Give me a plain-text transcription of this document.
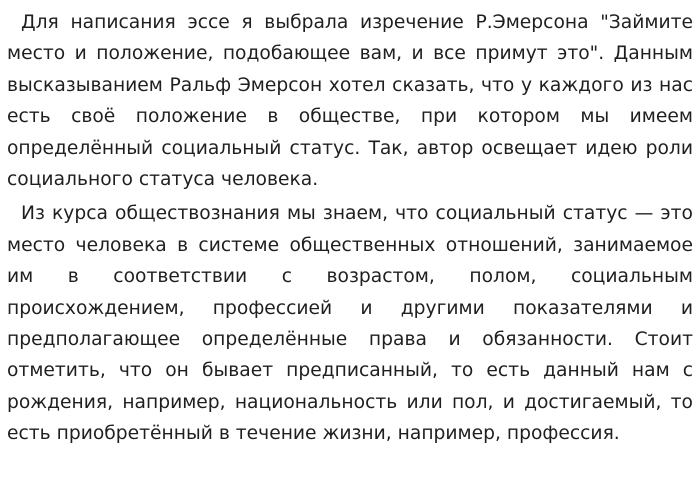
Для написания эссе я выбрала изречение Р.Эмерсона "Займите место и положение, подобающее вам, и все примут это". Данным высказыванием Ральф Эмерсон хотел сказать, что у каждого из нас есть своё положение в обществе, при котором мы имеем определённый социальный статус. Так, автор освещает идею роли социального статуса человека.

Из курса обществознания мы знаем, что социальный статус — это место человека в системе общественных отношений, занимаемое им в соответствии с возрастом, полом, социальным происхождением, профессией и другими показателями и предполагающее определённые права и обязанности. Стоит отметить, что он бывает предписанный, то есть данный нам с рождения, например, национальность или пол, и достигаемый, то есть приобретённый в течение жизни, например, профессия.
